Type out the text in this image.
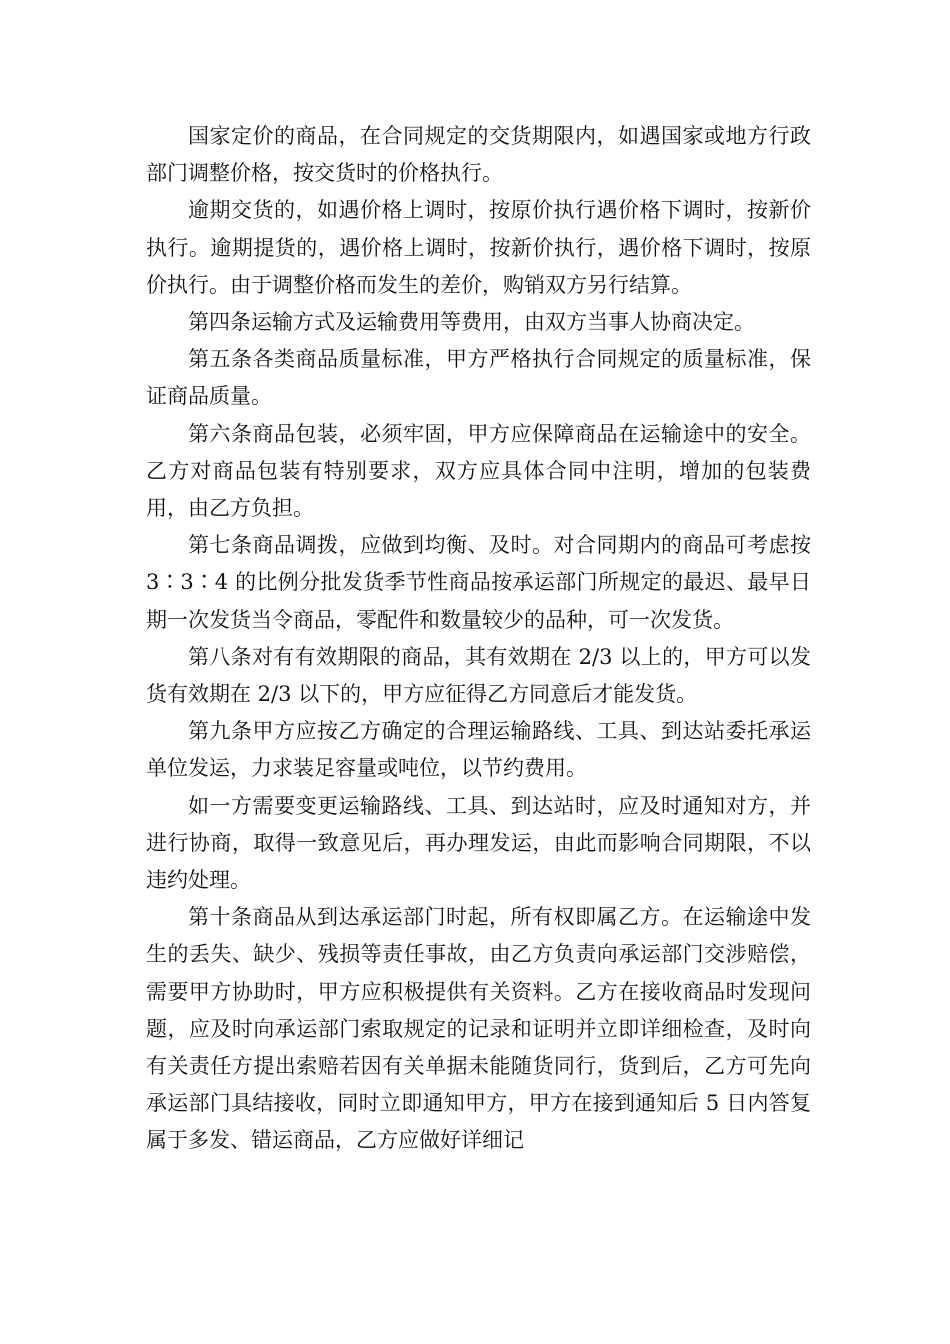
国家定价的商品，在合同规定的交货期限内，如遇国家或地方行政部门调整价格，按交货时的价格执行。

逾期交货的，如遇价格上调时，按原价执行遇价格下调时，按新价执行。逾期提货的，遇价格上调时，按新价执行，遇价格下调时，按原价执行。由于调整价格而发生的差价，购销双方另行结算。

第四条运输方式及运输费用等费用，由双方当事人协商决定。

第五条各类商品质量标准，甲方严格执行合同规定的质量标准，保证商品质量。

第六条商品包装，必须牢固，甲方应保障商品在运输途中的安全。乙方对商品包装有特别要求，双方应具体合同中注明，增加的包装费用，由乙方负担。

第七条商品调拨，应做到均衡、及时。对合同期内的商品可考虑按 3∶3∶4 的比例分批发货季节性商品按承运部门所规定的最迟、最早日期一次发货当令商品，零配件和数量较少的品种，可一次发货。

第八条对有有效期限的商品，其有效期在 2/3 以上的，甲方可以发货有效期在 2/3 以下的，甲方应征得乙方同意后才能发货。

第九条甲方应按乙方确定的合理运输路线、工具、到达站委托承运单位发运，力求装足容量或吨位，以节约费用。

如一方需要变更运输路线、工具、到达站时，应及时通知对方，并进行协商，取得一致意见后，再办理发运，由此而影响合同期限，不以违约处理。

第十条商品从到达承运部门时起，所有权即属乙方。在运输途中发生的丢失、缺少、残损等责任事故，由乙方负责向承运部门交涉赔偿，需要甲方协助时，甲方应积极提供有关资料。乙方在接收商品时发现问题，应及时向承运部门索取规定的记录和证明并立即详细检查，及时向有关责任方提出索赔若因有关单据未能随货同行，货到后，乙方可先向承运部门具结接收，同时立即通知甲方，甲方在接到通知后 5 日内答复属于多发、错运商品，乙方应做好详细记
